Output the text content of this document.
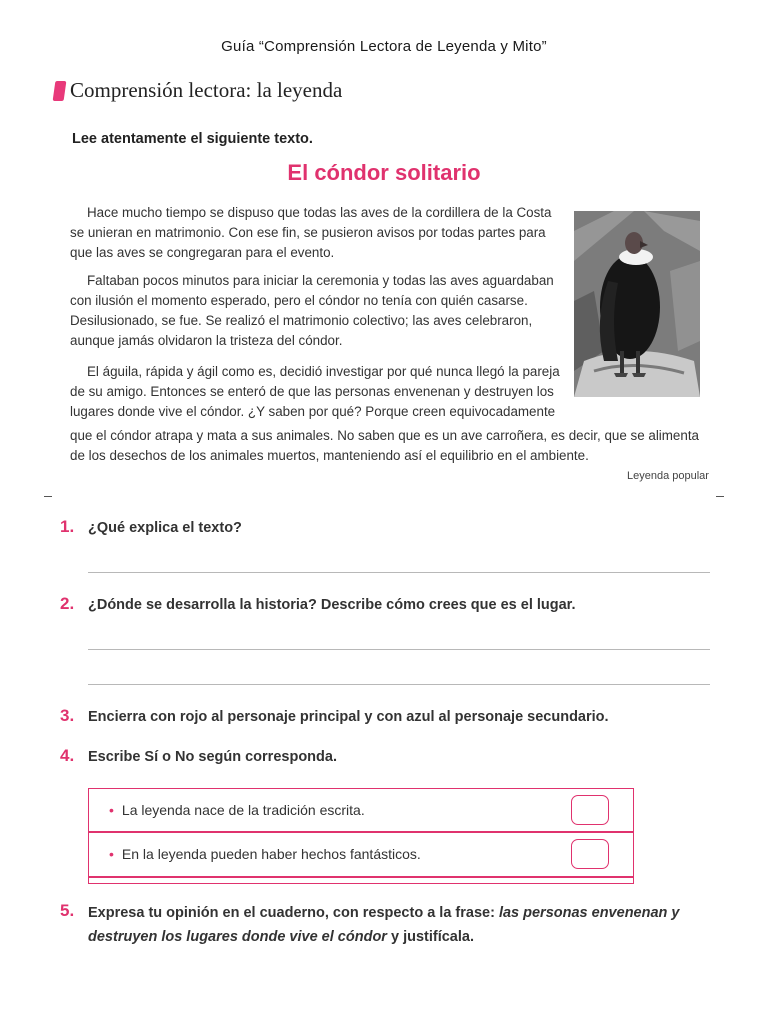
Guía “Comprensión Lectora de Leyenda y Mito”
Comprensión lectora: la leyenda
Lee atentamente el siguiente texto.
El cóndor solitario
Hace mucho tiempo se dispuso que todas las aves de la cordillera de la Costa se unieran en matrimonio. Con ese fin, se pusieron avisos por todas partes para que las aves se congregaran para el evento.
Faltaban pocos minutos para iniciar la ceremonia y todas las aves aguardaban con ilusión el momento esperado, pero el cóndor no tenía con quién casarse. Desilusionado, se fue. Se realizó el matrimonio colectivo; las aves celebraron, aunque jamás olvidaron la tristeza del cóndor.
El águila, rápida y ágil como es, decidió investigar por qué nunca llegó la pareja de su amigo. Entonces se enteró de que las personas envenenan y destruyen los lugares donde vive el cóndor. ¿Y saben por qué? Porque creen equivocadamente
que el cóndor atrapa y mata a sus animales. No saben que es un ave carroñera, es decir, que se alimenta de los desechos de los animales muertos, manteniendo así el equilibrio en el ambiente.
Leyenda popular
1. ¿Qué explica el texto?
2. ¿Dónde se desarrolla la historia? Describe cómo crees que es el lugar.
3. Encierra con rojo al personaje principal y con azul al personaje secundario.
4. Escribe Sí o No según corresponda.
• La leyenda nace de la tradición escrita.
• En la leyenda pueden haber hechos fantásticos.
5. Expresa tu opinión en el cuaderno, con respecto a la frase: las personas envenenan y destruyen los lugares donde vive el cóndor y justifícala.
